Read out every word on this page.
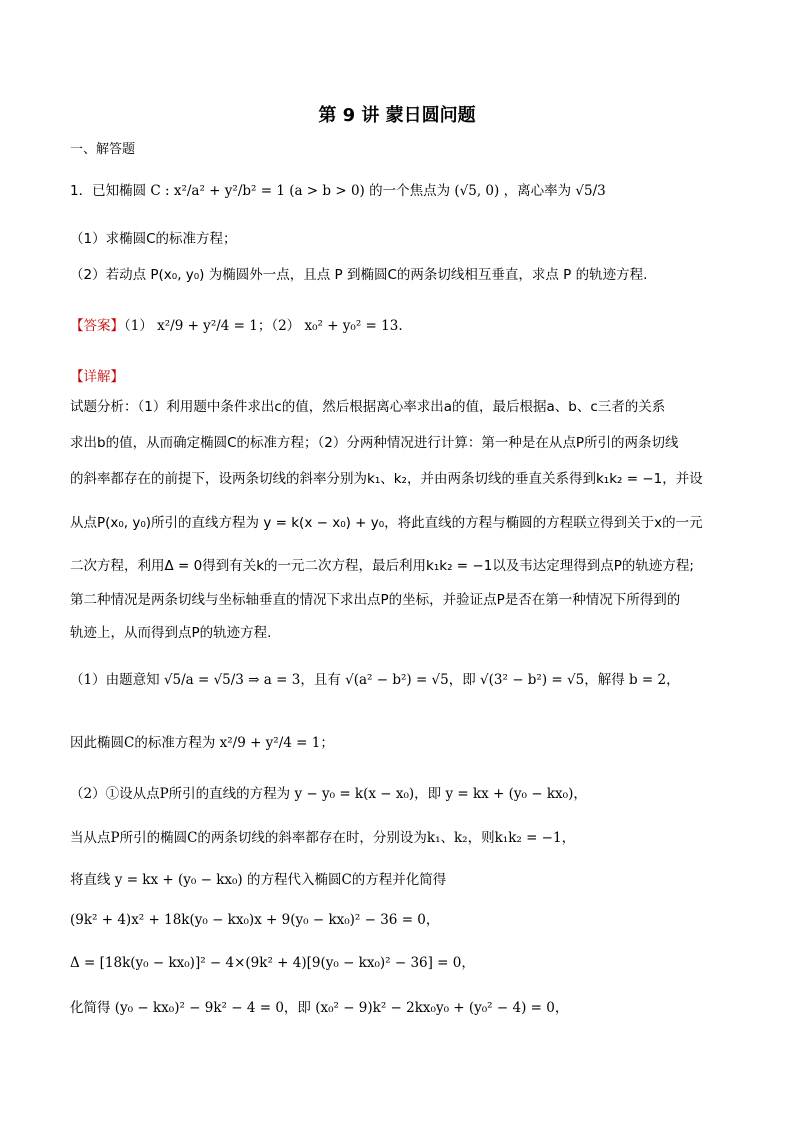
第 9 讲 蒙日圆问题
一、解答题
1．已知椭圆 C : x²/a² + y²/b² = 1 (a > b > 0) 的一个焦点为 (√5, 0) ，离心率为 √5/3
（1）求椭圆C的标准方程；
（2）若动点 P(x₀, y₀) 为椭圆外一点，且点 P 到椭圆C的两条切线相互垂直，求点 P 的轨迹方程.
【答案】（1） x²/9 + y²/4 = 1；（2） x₀² + y₀² = 13.
【详解】
试题分析：（1）利用题中条件求出c的值，然后根据离心率求出a的值，最后根据a、b、c三者的关系
求出b的值，从而确定椭圆C的标准方程；（2）分两种情况进行计算：第一种是在从点P所引的两条切线
的斜率都存在的前提下，设两条切线的斜率分别为k₁、k₂，并由两条切线的垂直关系得到k₁k₂ = −1，并设
从点P(x₀, y₀)所引的直线方程为 y = k(x − x₀) + y₀，将此直线的方程与椭圆的方程联立得到关于x的一元
二次方程，利用Δ = 0得到有关k的一元二次方程，最后利用k₁k₂ = −1以及韦达定理得到点P的轨迹方程;
第二种情况是两条切线与坐标轴垂直的情况下求出点P的坐标，并验证点P是否在第一种情况下所得到的
轨迹上，从而得到点P的轨迹方程.
（1）由题意知 √5/a = √5/3 ⇒ a = 3，且有 √(a² − b²) = √5，即 √(3² − b²) = √5，解得 b = 2，
因此椭圆C的标准方程为 x²/9 + y²/4 = 1；
（2）①设从点P所引的直线的方程为 y − y₀ = k(x − x₀)，即 y = kx + (y₀ − kx₀)，
当从点P所引的椭圆C的两条切线的斜率都存在时，分别设为k₁、k₂，则k₁k₂ = −1，
将直线 y = kx + (y₀ − kx₀) 的方程代入椭圆C的方程并化简得
(9k² + 4)x² + 18k(y₀ − kx₀)x + 9(y₀ − kx₀)² − 36 = 0，
Δ = [18k(y₀ − kx₀)]² − 4×(9k² + 4)[9(y₀ − kx₀)² − 36] = 0，
化简得 (y₀ − kx₀)² − 9k² − 4 = 0，即 (x₀² − 9)k² − 2kx₀y₀ + (y₀² − 4) = 0，
